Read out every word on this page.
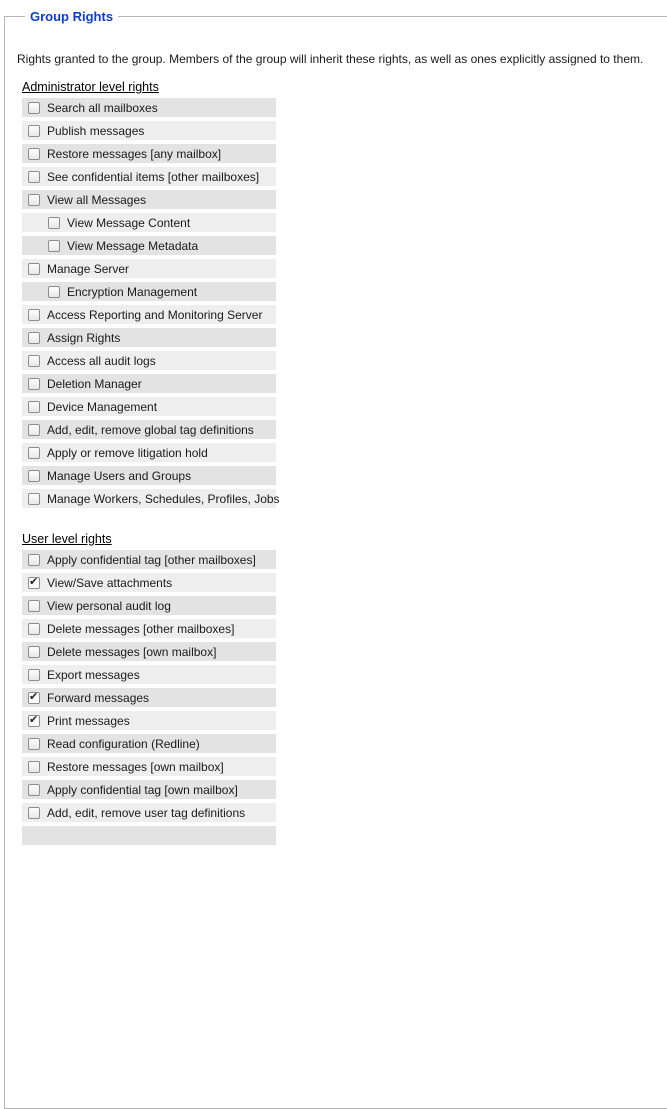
Group Rights
Rights granted to the group. Members of the group will inherit these rights, as well as ones explicitly assigned to them.
Administrator level rights
Search all mailboxes
Publish messages
Restore messages [any mailbox]
See confidential items [other mailboxes]
View all Messages
View Message Content
View Message Metadata
Manage Server
Encryption Management
Access Reporting and Monitoring Server
Assign Rights
Access all audit logs
Deletion Manager
Device Management
Add, edit, remove global tag definitions
Apply or remove litigation hold
Manage Users and Groups
Manage Workers, Schedules, Profiles, Jobs
User level rights
Apply confidential tag [other mailboxes]
✔
View/Save attachments
View personal audit log
Delete messages [other mailboxes]
Delete messages [own mailbox]
Export messages
✔
Forward messages
✔
Print messages
Read configuration (Redline)
Restore messages [own mailbox]
Apply confidential tag [own mailbox]
Add, edit, remove user tag definitions
